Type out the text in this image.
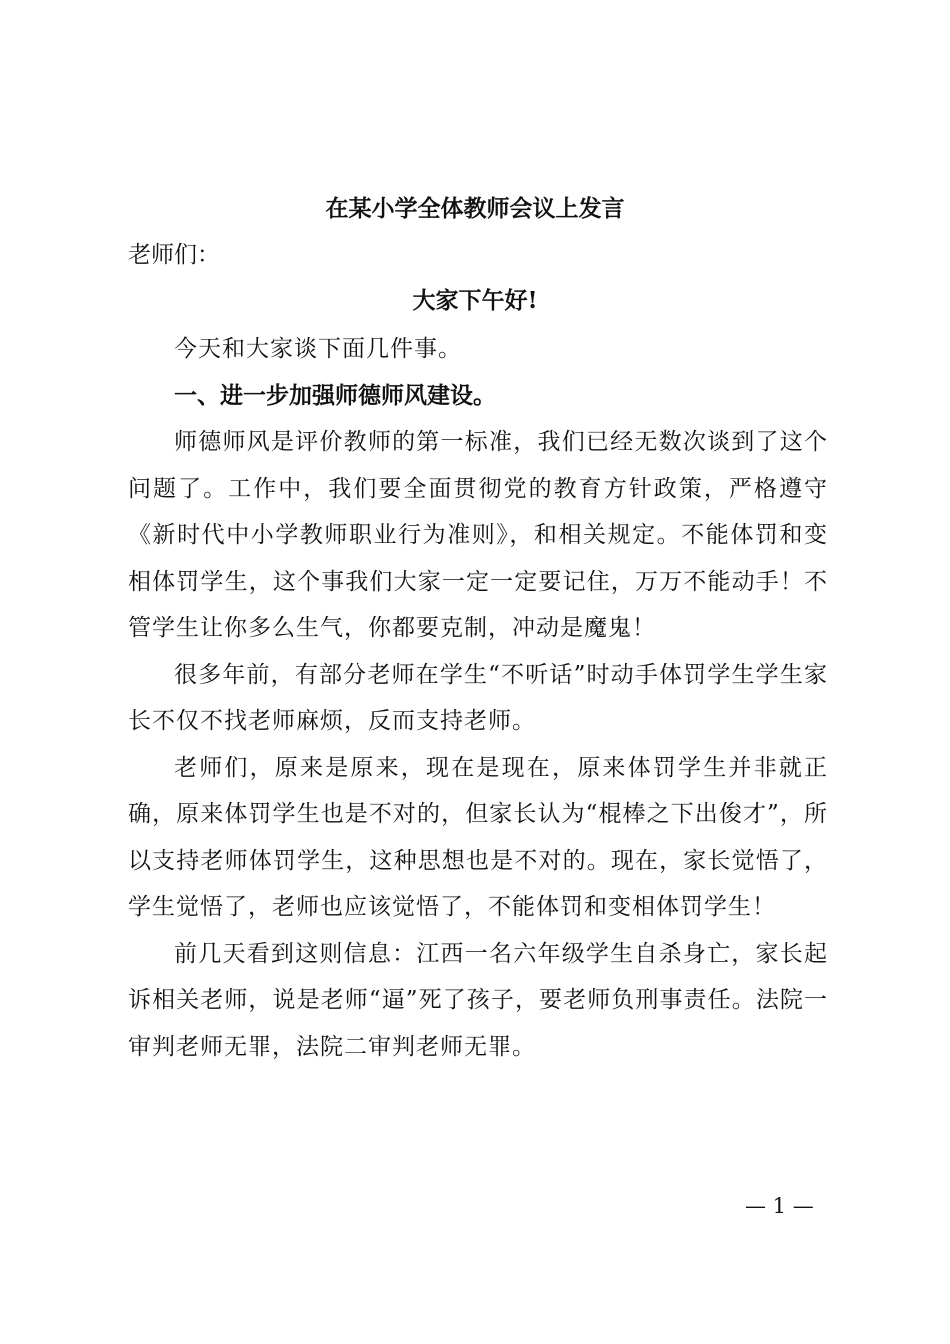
在某小学全体教师会议上发言
老师们：
大家下午好!

今天和大家谈下面几件事。

一、进一步加强师德师风建设。

师德师风是评价教师的第一标准，我们已经无数次谈到了这个问题了。工作中，我们要全面贯彻党的教育方针政策，严格遵守《新时代中小学教师职业行为准则》，和相关规定。不能体罚和变相体罚学生，这个事我们大家一定一定要记住，万万不能动手！不管学生让你多么生气，你都要克制，冲动是魔鬼！

很多年前，有部分老师在学生“不听话”时动手体罚学生学生家长不仅不找老师麻烦，反而支持老师。

老师们，原来是原来，现在是现在，原来体罚学生并非就正确，原来体罚学生也是不对的，但家长认为“棍棒之下出俊才”，所以支持老师体罚学生，这种思想也是不对的。现在，家长觉悟了，学生觉悟了，老师也应该觉悟了，不能体罚和变相体罚学生！

前几天看到这则信息：江西一名六年级学生自杀身亡，家长起诉相关老师，说是老师“逼”死了孩子，要老师负刑事责任。法院一审判老师无罪，法院二审判老师无罪。

— 1 —
